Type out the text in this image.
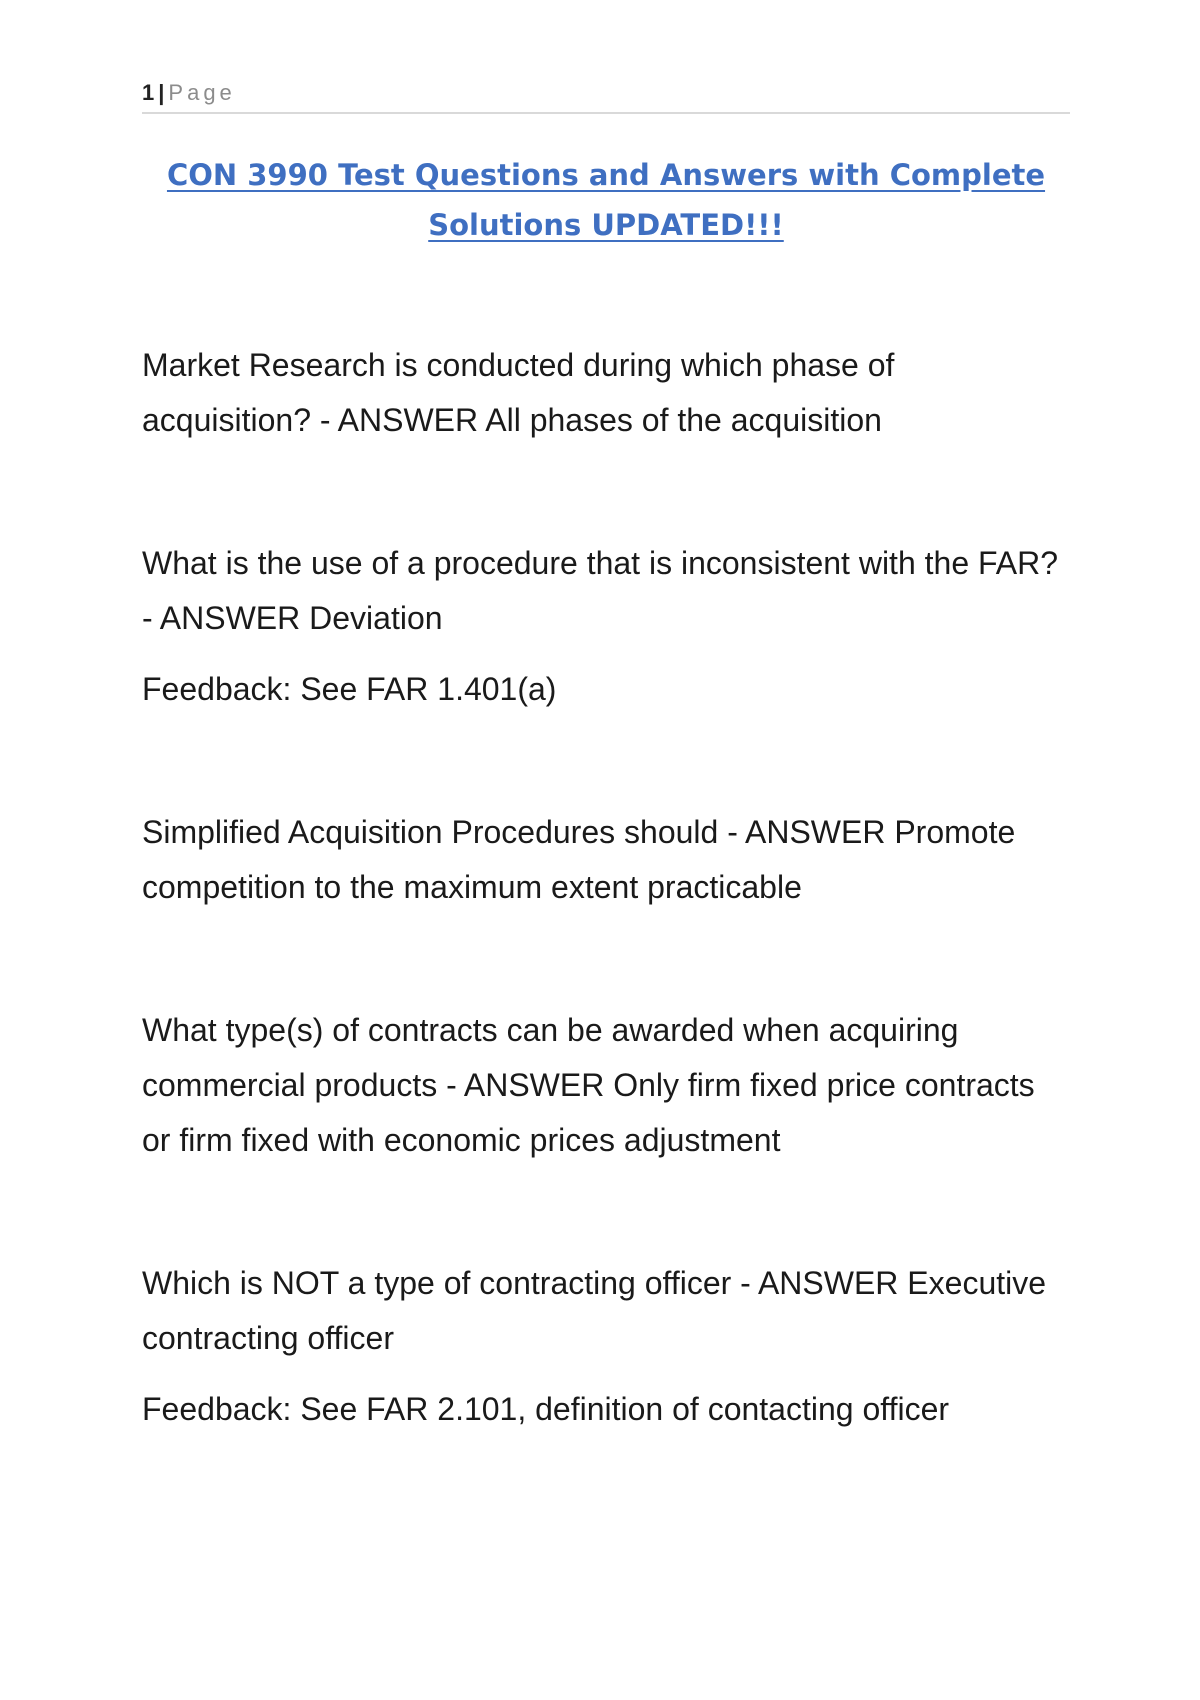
1 | Page
CON 3990 Test Questions and Answers with Complete Solutions UPDATED!!!

Market Research is conducted during which phase of acquisition? - ANSWER All phases of the acquisition

What is the use of a procedure that is inconsistent with the FAR? - ANSWER Deviation

Feedback: See FAR 1.401(a)

Simplified Acquisition Procedures should - ANSWER Promote competition to the maximum extent practicable

What type(s) of contracts can be awarded when acquiring commercial products - ANSWER Only firm fixed price contracts or firm fixed with economic prices adjustment

Which is NOT a type of contracting officer - ANSWER Executive contracting officer

Feedback: See FAR 2.101, definition of contacting officer
